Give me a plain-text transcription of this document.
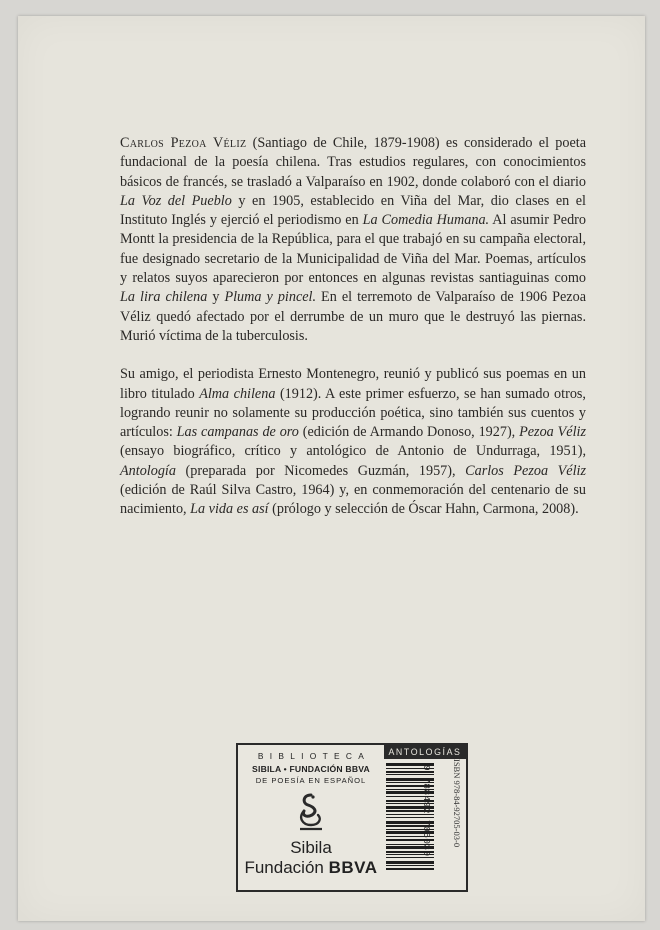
Carlos Pezoa Véliz (Santiago de Chile, 1879-1908) es considerado el poeta fundacional de la poesía chilena. Tras estudios regulares, con conocimientos básicos de francés, se trasladó a Valparaíso en 1902, donde colaboró con el diario La Voz del Pueblo y en 1905, establecido en Viña del Mar, dio clases en el Instituto Inglés y ejerció el periodismo en La Comedia Humana. Al asumir Pedro Montt la presidencia de la República, para el que trabajó en su campaña electoral, fue designado secretario de la Municipalidad de Viña del Mar. Poemas, artículos y relatos suyos aparecieron por entonces en algunas revistas santiaguinas como La lira chilena y Pluma y pincel. En el terremoto de Valparaíso de 1906 Pezoa Véliz quedó afectado por el derrumbe de un muro que le destruyó las piernas. Murió víctima de la tuberculosis.

Su amigo, el periodista Ernesto Montenegro, reunió y publicó sus poemas en un libro titulado Alma chilena (1912). A este primer esfuerzo, se han sumado otros, logrando reunir no solamente su producción poética, sino también sus cuentos y artículos: Las campanas de oro (edición de Armando Donoso, 1927), Pezoa Véliz (ensayo biográfico, crítico y antológico de Antonio de Undurraga, 1951), Antología (preparada por Nicomedes Guzmán, 1957), Carlos Pezoa Véliz (edición de Raúl Silva Castro, 1964) y, en conmemoración del centenario de su nacimiento, La vida es así (prólogo y selección de Óscar Hahn, Carmona, 2008).

BIBLIOTECA
SIBILA • FUNDACIÓN BBVA
DE POESÍA EN ESPAÑOL
Sibila
Fundación BBVA
ANTOLOGÍAS
9 788492 705030	ISBN 978-84-92705-03-0
